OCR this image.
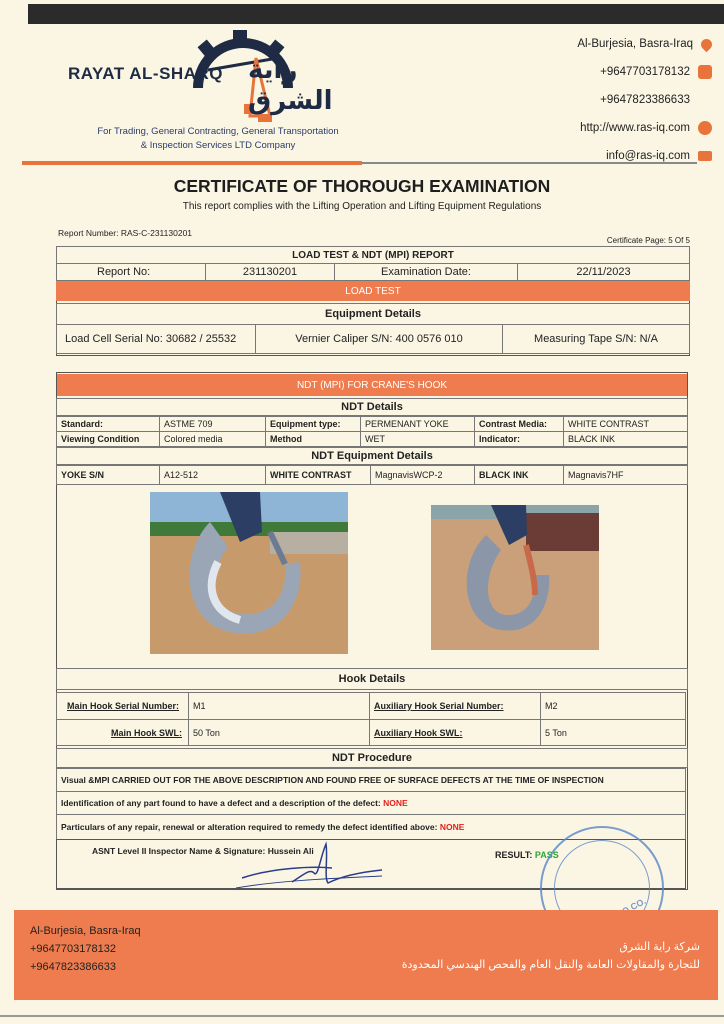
RAYAT AL-SHARQ راية الشرق
For Trading, General Contracting, General Transportation
& Inspection Services LTD Company
Al-Burjesia, Basra-Iraq
+9647703178132
+9647823386633
http://www.ras-iq.com
info@ras-iq.com
CERTIFICATE OF THOROUGH EXAMINATION
This report complies with the Lifting Operation and Lifting Equipment Regulations
Report Number: RAS-C-231130201
Certificate Page: 5 Of 5
LOAD TEST & NDT (MPI) REPORT
Report No:	231130201	Examination Date:	22/11/2023
LOAD TEST
Equipment Details
Load Cell Serial No: 30682 / 25532	Vernier Caliper S/N: 400 0576 010	Measuring Tape S/N: N/A
NDT (MPI) FOR CRANE'S HOOK
NDT Details
Standard:	ASTME 709	Equipment type:	PERMENANT YOKE	Contrast Media:	WHITE CONTRAST
Viewing Condition	Colored media	Method	WET	Indicator:	BLACK INK
NDT Equipment Details
YOKE S/N	A12-512	WHITE CONTRAST	MagnavisWCP-2	BLACK INK	Magnavis7HF
Hook Details
Main Hook Serial Number:	M1	Auxiliary Hook Serial Number:	M2
Main Hook SWL:	50 Ton	Auxiliary Hook SWL:	5 Ton
NDT Procedure
Visual &MPI CARRIED OUT FOR THE ABOVE DESCRIPTION AND FOUND FREE OF SURFACE DEFECTS AT THE TIME OF INSPECTION
Identification of any part found to have a defect and a description of the defect:
NONE
Particulars of any repair, renewal or alteration required to remedy the defect identified above:
NONE
ASNT Level II Inspector Name & Signature: Hussein Ali	RESULT: PASS
Al-Burjesia, Basra-Iraq
+9647703178132
+9647823386633
شركة راية الشرق
للتجارة والمقاولات العامة والنقل العام والفحص الهندسي المحدودة
